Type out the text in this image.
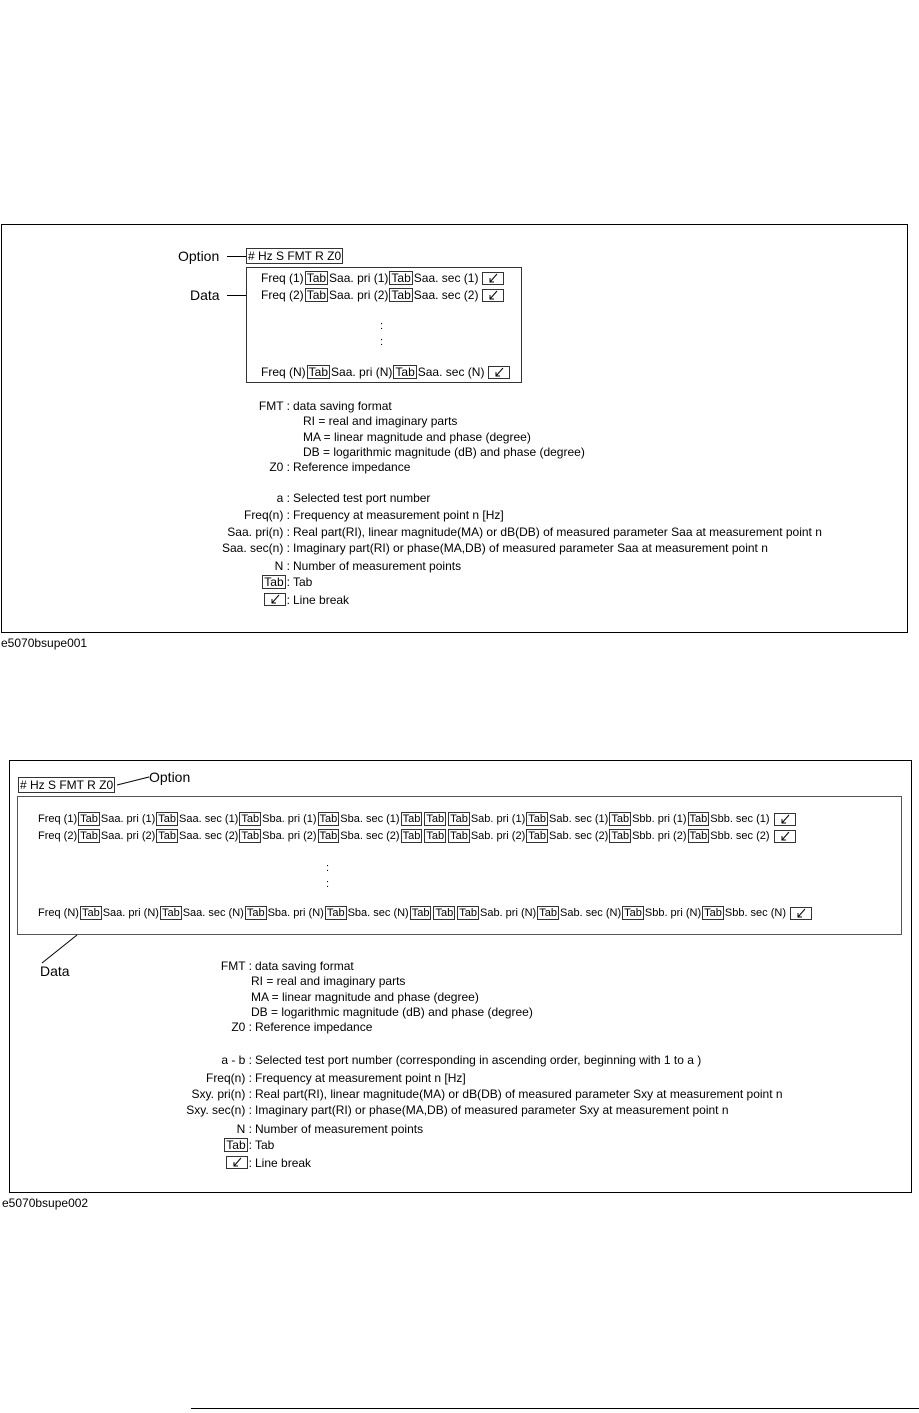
Option # Hz S FMT R Z0
Data
Freq (1) Tab Saa. pri (1) Tab Saa. sec (1)
Freq (2) Tab Saa. pri (2) Tab Saa. sec (2)
:
:
Freq (N) Tab Saa. pri (N) Tab Saa. sec (N)
FMT : data saving format
RI = real and imaginary parts
MA = linear magnitude and phase (degree)
DB = logarithmic magnitude (dB) and phase (degree)
Z0 : Reference impedance
a : Selected test port number
Freq(n) : Frequency at measurement point n [Hz]
Saa. pri(n) : Real part(RI), linear magnitude(MA) or dB(DB) of measured parameter Saa at measurement point n
Saa. sec(n) : Imaginary part(RI) or phase(MA,DB) of measured parameter Saa at measurement point n
N : Number of measurement points
Tab : Tab
: Line break
e5070bsupe001
# Hz S FMT R Z0	Option
Freq (1) Tab Saa. pri (1) Tab Saa. sec (1) Tab Sba. pri (1) Tab Sba. sec (1) Tab Tab Tab Sab. pri (1) Tab Sab. sec (1) Tab Sbb. pri (1) Tab Sbb. sec (1)
Freq (2) Tab Saa. pri (2) Tab Saa. sec (2) Tab Sba. pri (2) Tab Sba. sec (2) Tab Tab Tab Sab. pri (2) Tab Sab. sec (2) Tab Sbb. pri (2) Tab Sbb. sec (2)
:
:
Freq (N) Tab Saa. pri (N) Tab Saa. sec (N) Tab Sba. pri (N) Tab Sba. sec (N) Tab Tab Tab Sab. pri (N) Tab Sab. sec (N) Tab Sbb. pri (N) Tab Sbb. sec (N)
Data	FMT : data saving format
RI = real and imaginary parts
MA = linear magnitude and phase (degree)
DB = logarithmic magnitude (dB) and phase (degree)
Z0 : Reference impedance
a - b : Selected test port number (corresponding in ascending order, beginning with 1 to a )
Freq(n) : Frequency at measurement point n [Hz]
Sxy. pri(n) : Real part(RI), linear magnitude(MA) or dB(DB) of measured parameter Sxy at measurement point n
Sxy. sec(n) : Imaginary part(RI) or phase(MA,DB) of measured parameter Sxy at measurement point n
N : Number of measurement points
Tab : Tab
: Line break
e5070bsupe002
